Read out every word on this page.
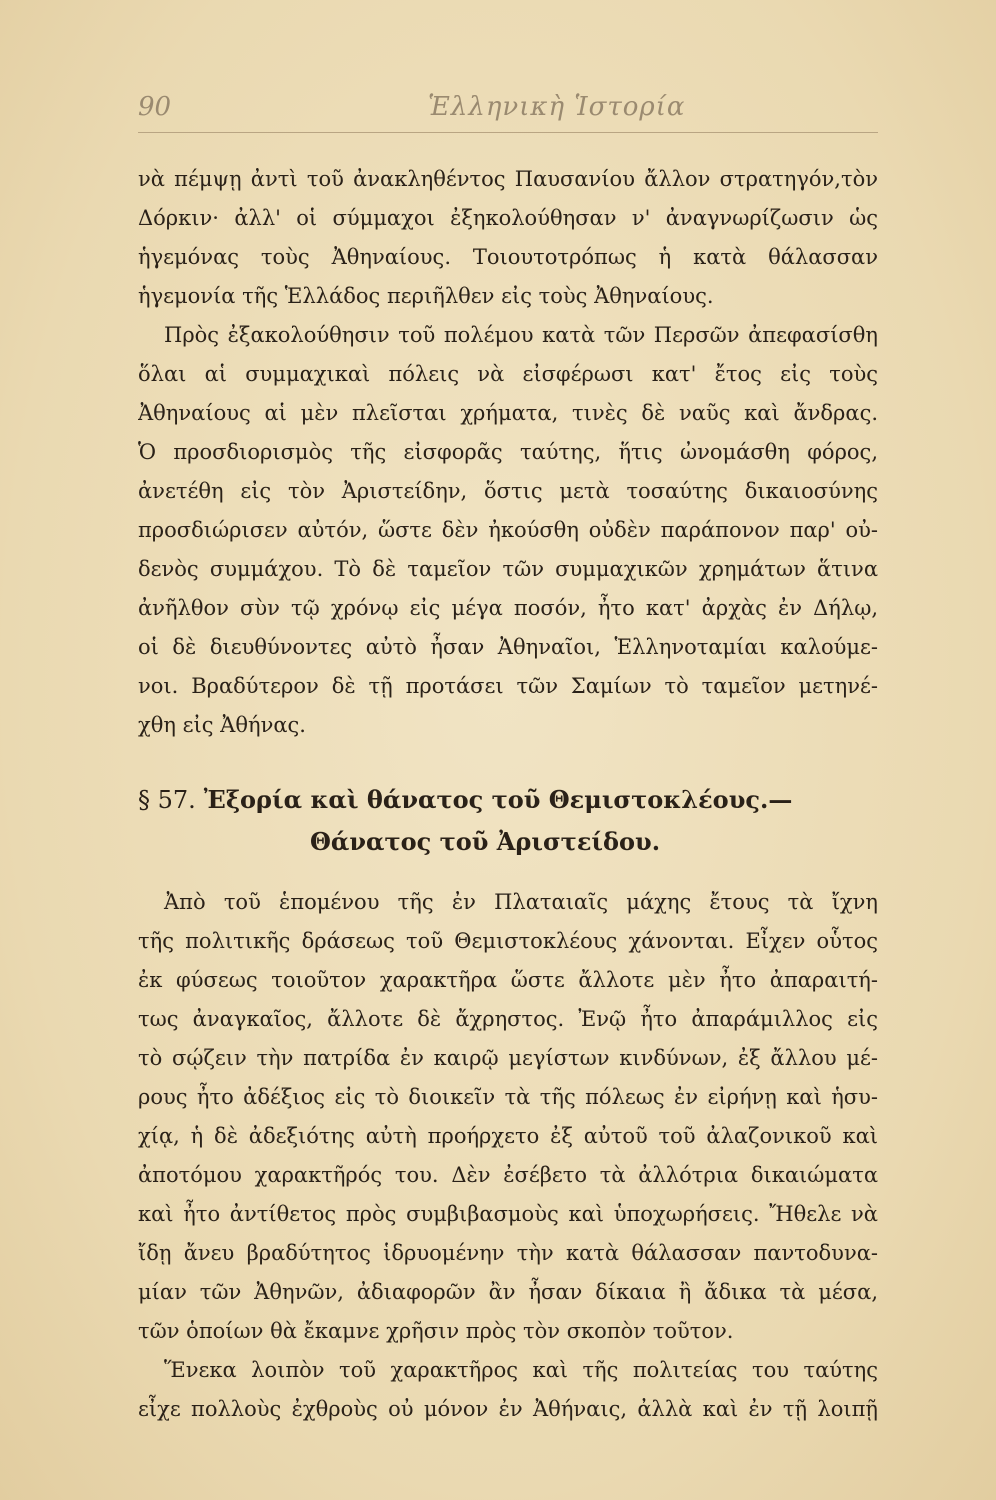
90	Ἑλληνικὴ Ἱστορία
νὰ πέμψῃ ἀντὶ τοῦ ἀνακληθέντος Παυσανίου ἄλλον στρατηγόν,τὸν
Δόρκιν· ἀλλ' οἱ σύμμαχοι ἐξηκολούθησαν ν' ἀναγνωρίζωσιν ὡς
ἡγεμόνας τοὺς Ἀθηναίους. Τοιουτοτρόπως ἡ κατὰ θάλασσαν
ἡγεμονία τῆς Ἑλλάδος περιῆλθεν εἰς τοὺς Ἀθηναίους.
Πρὸς ἐξακολούθησιν τοῦ πολέμου κατὰ τῶν Περσῶν ἀπεφασίσθη
ὅλαι αἱ συμμαχικαὶ πόλεις νὰ εἰσφέρωσι κατ' ἔτος εἰς τοὺς
Ἀθηναίους αἱ μὲν πλεῖσται χρήματα, τινὲς δὲ ναῦς καὶ ἄνδρας.
Ὁ προσδιορισμὸς τῆς εἰσφορᾶς ταύτης, ἥτις ὠνομάσθη φόρος,
ἀνετέθη εἰς τὸν Ἀριστείδην, ὅστις μετὰ τοσαύτης δικαιοσύνης
προσδιώρισεν αὐτόν, ὥστε δὲν ἠκούσθη οὐδὲν παράπονον παρ' οὐ-
δενὸς συμμάχου. Τὸ δὲ ταμεῖον τῶν συμμαχικῶν χρημάτων ἅτινα
ἀνῆλθον σὺν τῷ χρόνῳ εἰς μέγα ποσόν, ἦτο κατ' ἀρχὰς ἐν Δήλῳ,
οἱ δὲ διευθύνοντες αὐτὸ ἦσαν Ἀθηναῖοι, Ἑλληνοταμίαι καλούμε-
νοι. Βραδύτερον δὲ τῇ προτάσει τῶν Σαμίων τὸ ταμεῖον μετηνέ-
χθη εἰς Ἀθήνας.
§ 57. Ἐξορία καὶ θάνατος τοῦ Θεμιστοκλέους.—
Θάνατος τοῦ Ἀριστείδου.
Ἀπὸ τοῦ ἑπομένου τῆς ἐν Πλαταιαῖς μάχης ἔτους τὰ ἴχνη
τῆς πολιτικῆς δράσεως τοῦ Θεμιστοκλέους χάνονται. Εἶχεν οὗτος
ἐκ φύσεως τοιοῦτον χαρακτῆρα ὥστε ἄλλοτε μὲν ἦτο ἀπαραιτή-
τως ἀναγκαῖος, ἄλλοτε δὲ ἄχρηστος. Ἐνῷ ἦτο ἀπαράμιλλος εἰς
τὸ σῴζειν τὴν πατρίδα ἐν καιρῷ μεγίστων κινδύνων, ἐξ ἄλλου μέ-
ρους ἦτο ἀδέξιος εἰς τὸ διοικεῖν τὰ τῆς πόλεως ἐν εἰρήνῃ καὶ ἡσυ-
χίᾳ, ἡ δὲ ἀδεξιότης αὐτὴ προήρχετο ἐξ αὐτοῦ τοῦ ἀλαζονικοῦ καὶ
ἀποτόμου χαρακτῆρός του. Δὲν ἐσέβετο τὰ ἀλλότρια δικαιώματα
καὶ ἦτο ἀντίθετος πρὸς συμβιβασμοὺς καὶ ὑποχωρήσεις. Ἤθελε νὰ
ἴδῃ ἄνευ βραδύτητος ἱδρυομένην τὴν κατὰ θάλασσαν παντοδυνα-
μίαν τῶν Ἀθηνῶν, ἀδιαφορῶν ἂν ἦσαν δίκαια ἢ ἄδικα τὰ μέσα,
τῶν ὁποίων θὰ ἔκαμνε χρῆσιν πρὸς τὸν σκοπὸν τοῦτον.
Ἕνεκα λοιπὸν τοῦ χαρακτῆρος καὶ τῆς πολιτείας του ταύτης
εἶχε πολλοὺς ἐχθροὺς οὐ μόνον ἐν Ἀθήναις, ἀλλὰ καὶ ἐν τῇ λοιπῇ
